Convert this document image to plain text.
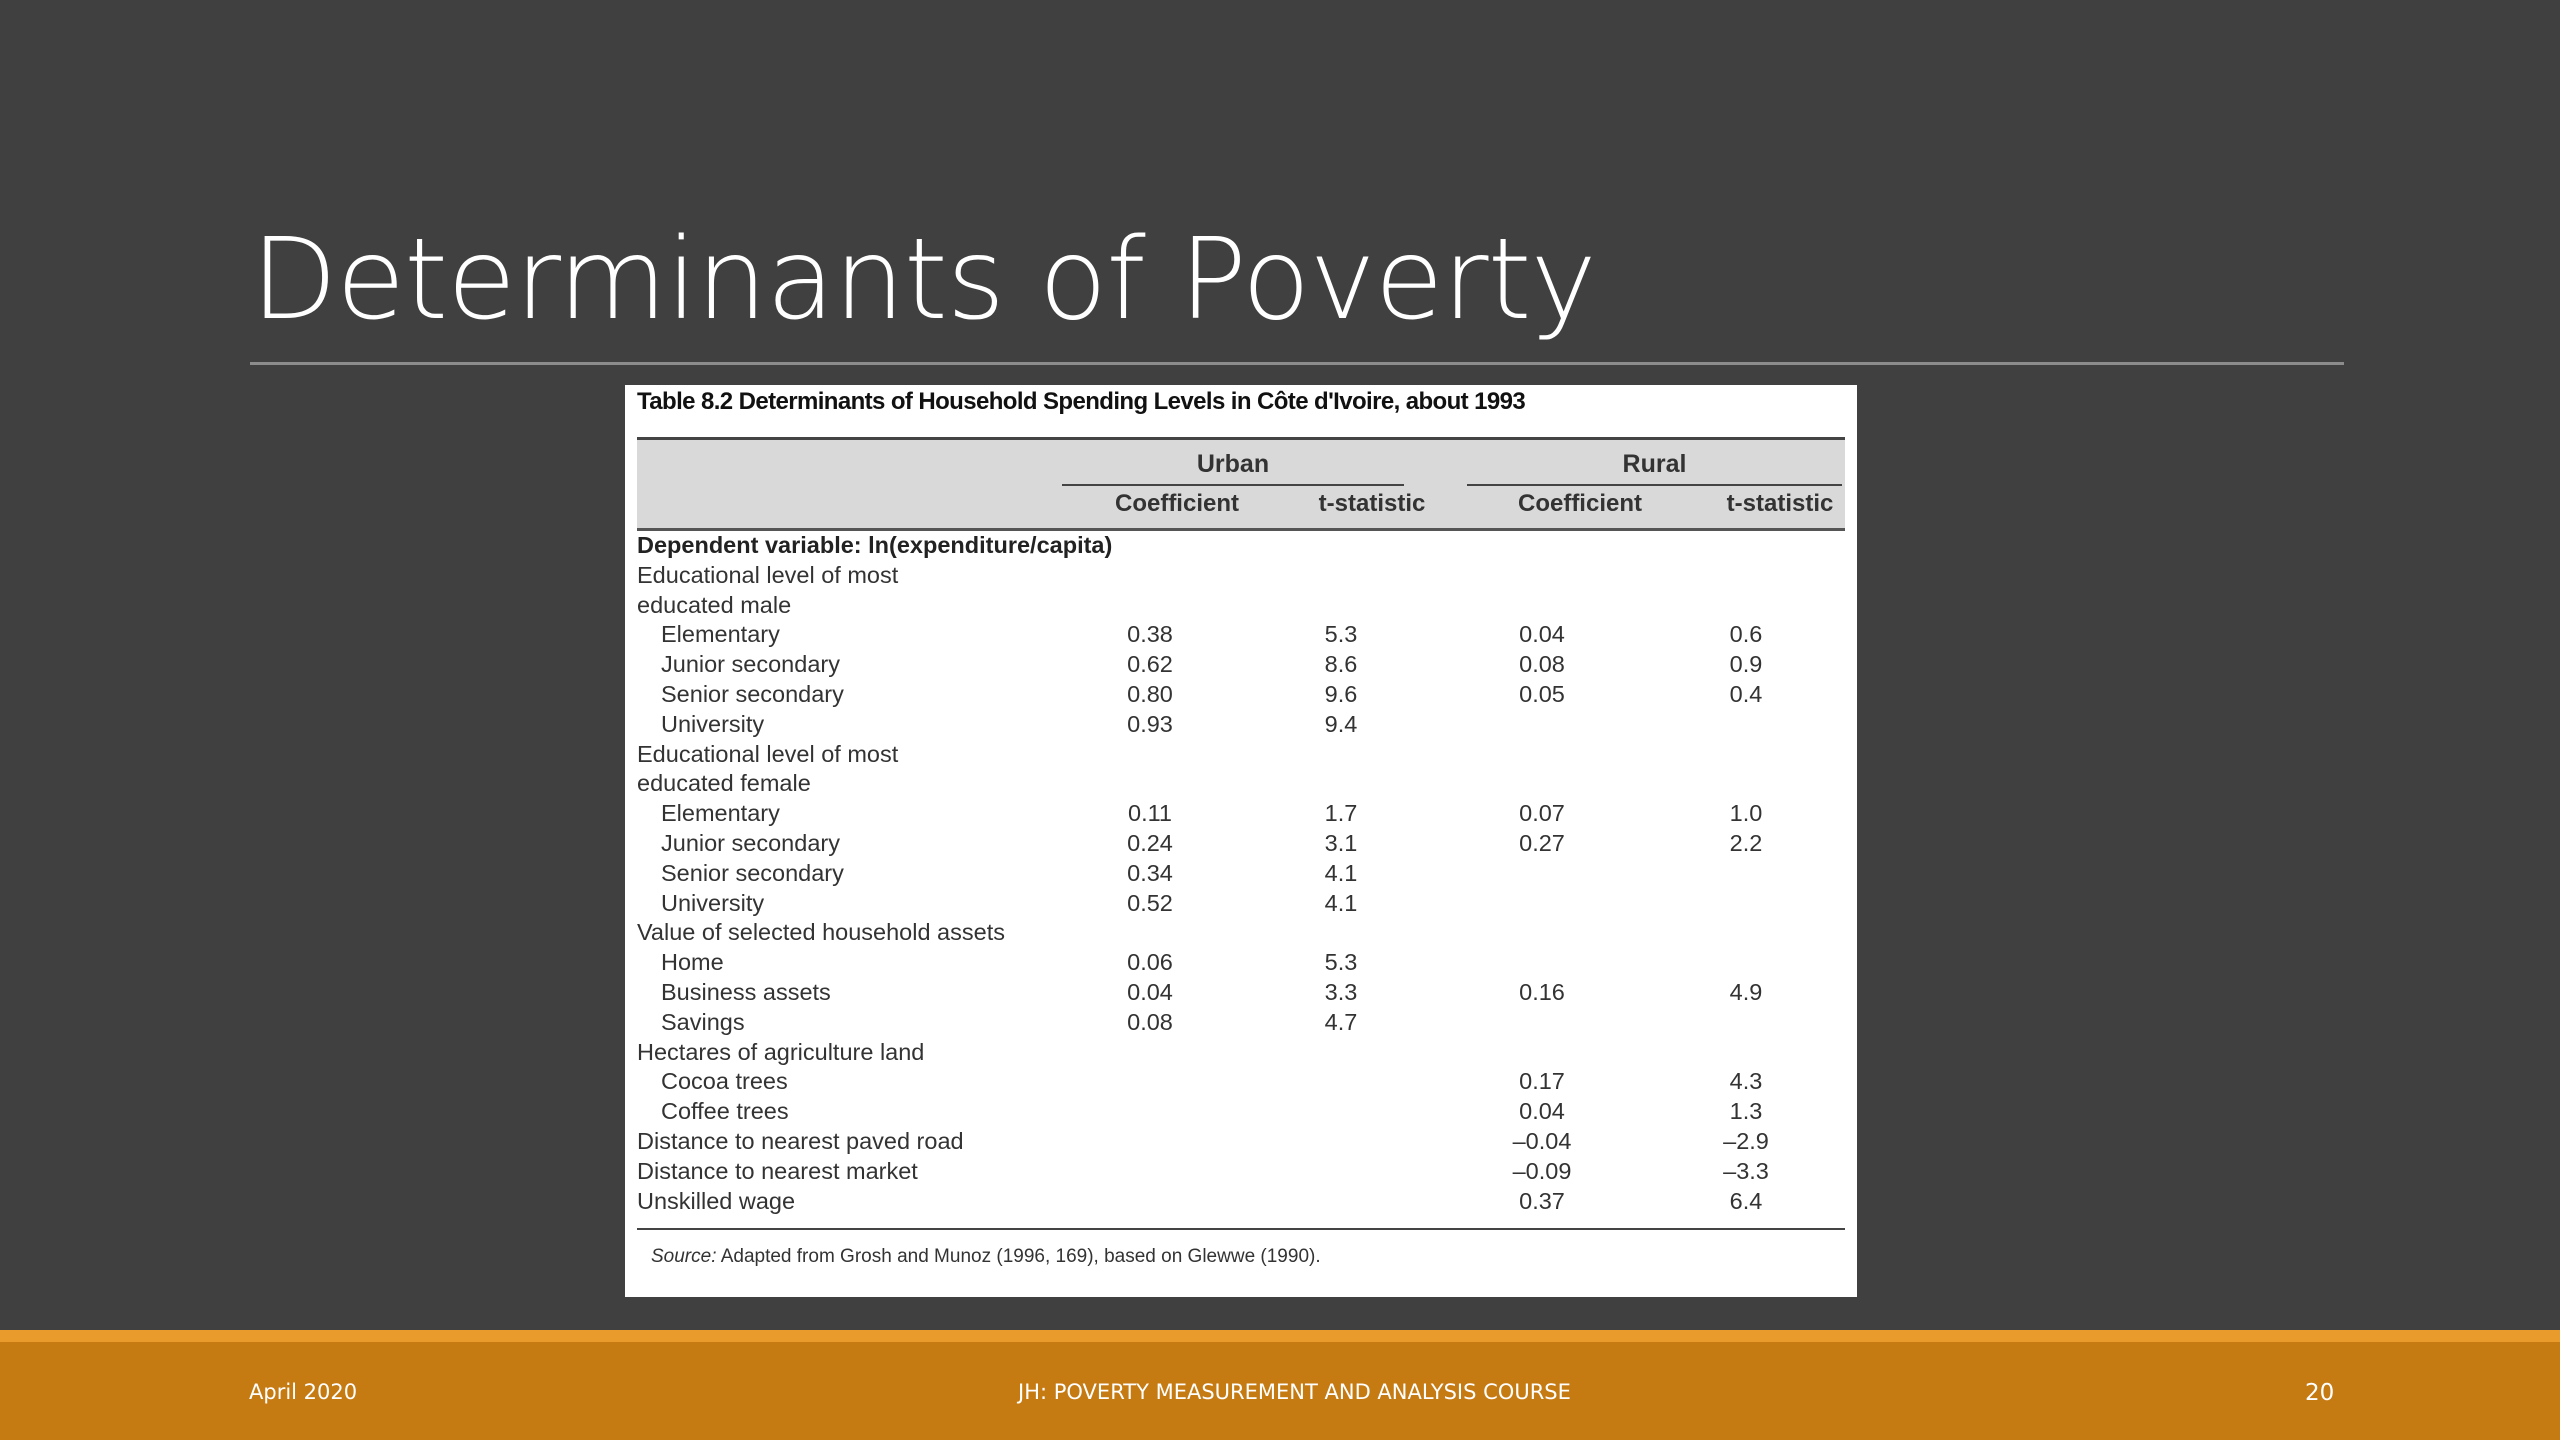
Determinants of Poverty
Table 8.2 Determinants of Household Spending Levels in Côte d'Ivoire, about 1993
Urban	Rural
Coefficient	t-statistic	Coefficient	t-statistic
Dependent variable: ln(expenditure/capita)				
Educational level of most educated male				
Elementary	0.38	5.3	0.04	0.6
Junior secondary	0.62	8.6	0.08	0.9
Senior secondary	0.80	9.6	0.05	0.4
University	0.93	9.4		
Educational level of most educated female				
Elementary	0.11	1.7	0.07	1.0
Junior secondary	0.24	3.1	0.27	2.2
Senior secondary	0.34	4.1		
University	0.52	4.1		
Value of selected household assets				
Home	0.06	5.3		
Business assets	0.04	3.3	0.16	4.9
Savings	0.08	4.7		
Hectares of agriculture land				
Cocoa trees			0.17	4.3
Coffee trees			0.04	1.3
Distance to nearest paved road			–0.04	–2.9
Distance to nearest market			–0.09	–3.3
Unskilled wage			0.37	6.4
Source: Adapted from Grosh and Munoz (1996, 169), based on Glewwe (1990).
April 2020	JH: POVERTY MEASUREMENT AND ANALYSIS COURSE	20
